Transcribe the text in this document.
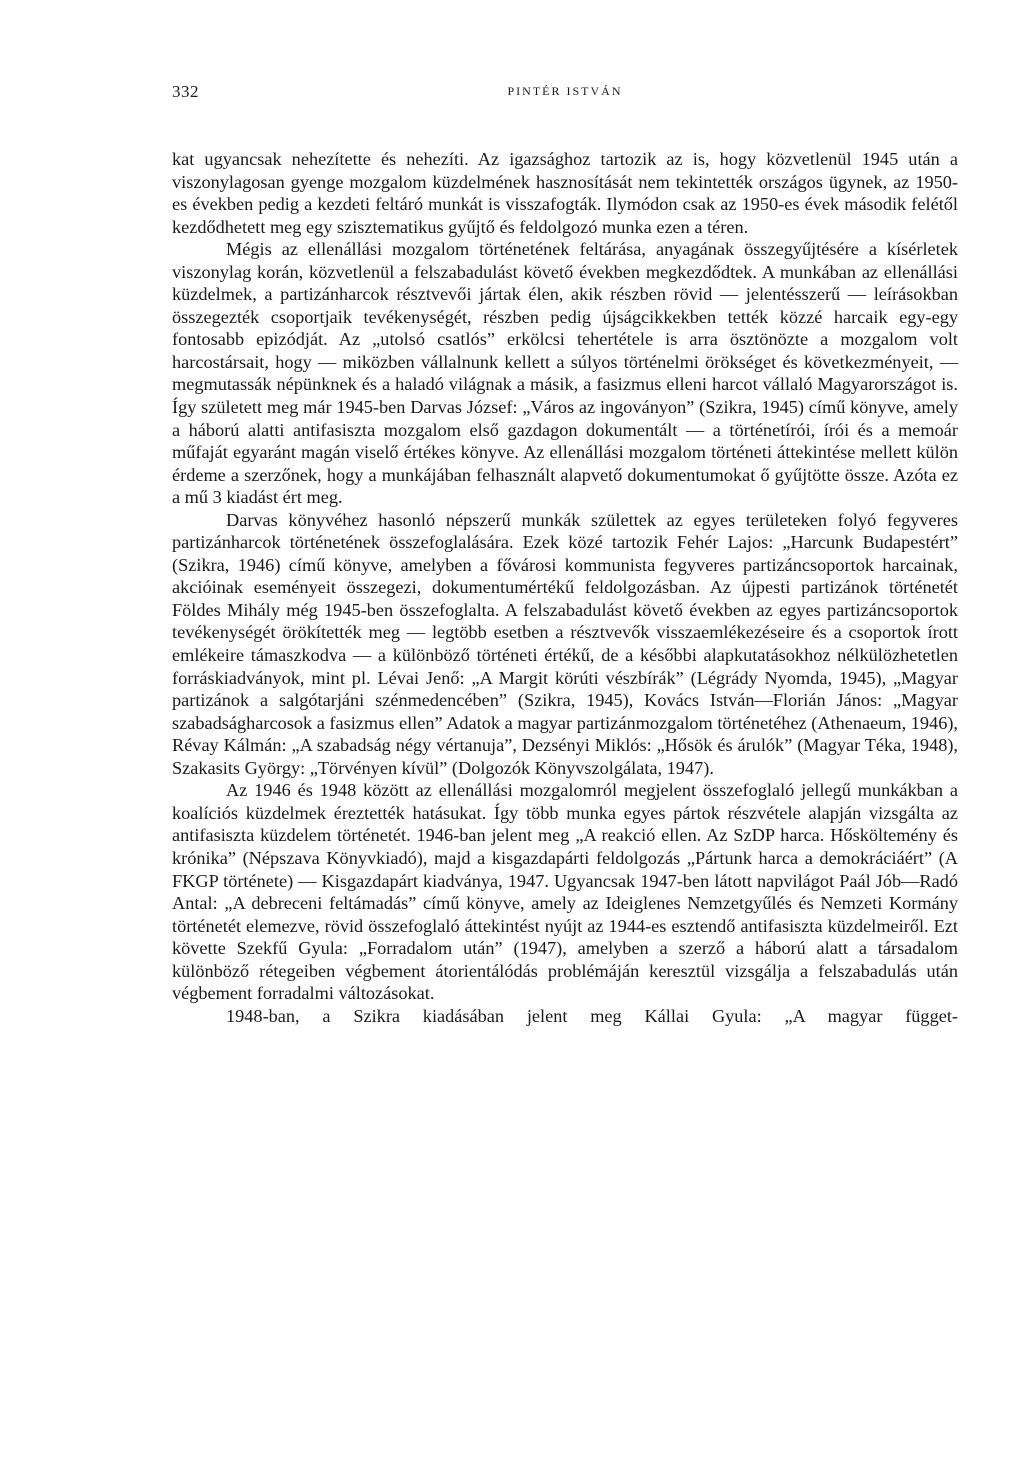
332	PINTÉR ISTVÁN

kat ugyancsak nehezítette és nehezíti. Az igazsághoz tartozik az is, hogy közvetlenül 1945 után a viszonylagosan gyenge mozgalom küzdelmének hasznosítását nem tekintették országos ügynek, az 1950-es években pedig a kezdeti feltáró munkát is visszafogták. Ilymódon csak az 1950-es évek második felétől kezdődhetett meg egy szisztematikus gyűjtő és feldolgozó munka ezen a téren.

Mégis az ellenállási mozgalom történetének feltárása, anyagának összegyűjtésére a kísérletek viszonylag korán, közvetlenül a felszabadulást követő években megkezdődtek. A munkában az ellenállási küzdelmek, a partizánharcok résztvevői jártak élen, akik részben rövid — jelentésszerű — leírásokban összegezték csoportjaik tevékenységét, részben pedig újságcikkekben tették közzé harcaik egy-egy fontosabb epizódját. Az „utolsó csatlós” erkölcsi tehertétele is arra ösztönözte a mozgalom volt harcostársait, hogy — miközben vállalnunk kellett a súlyos történelmi örökséget és következményeit, — megmutassák népünknek és a haladó világnak a másik, a fasizmus elleni harcot vállaló Magyarországot is. Így született meg már 1945-ben Darvas József: „Város az ingoványon” (Szikra, 1945) című könyve, amely a háború alatti antifasiszta mozgalom első gazdagon dokumentált — a történetírói, írói és a memoár műfaját egyaránt magán viselő értékes könyve. Az ellenállási mozgalom történeti áttekintése mellett külön érdeme a szerzőnek, hogy a munkájában felhasznált alapvető dokumentumokat ő gyűjtötte össze. Azóta ez a mű 3 kiadást ért meg.

Darvas könyvéhez hasonló népszerű munkák születtek az egyes területeken folyó fegyveres partizánharcok történetének összefoglalására. Ezek közé tartozik Fehér Lajos: „Harcunk Budapestért” (Szikra, 1946) című könyve, amelyben a fővárosi kommunista fegyveres partizáncsoportok harcainak, akcióinak eseményeit összegezi, dokumentumértékű feldolgozásban. Az újpesti partizánok történetét Földes Mihály még 1945-ben összefoglalta. A felszabadulást követő években az egyes partizáncsoportok tevékenységét örökítették meg — legtöbb esetben a résztvevők visszaemlékezéseire és a csoportok írott emlékeire támaszkodva — a különböző történeti értékű, de a későbbi alapkutatásokhoz nélkülözhetetlen forráskiadványok, mint pl. Lévai Jenő: „A Margit körúti vészbírák” (Légrády Nyomda, 1945), „Magyar partizánok a salgótarjáni szénmedencében” (Szikra, 1945), Kovács István—Florián János: „Magyar szabadságharcosok a fasizmus ellen” Adatok a magyar partizánmozgalom történetéhez (Athenaeum, 1946), Révay Kálmán: „A szabadság négy vértanuja”, Dezsényi Miklós: „Hősök és árulók” (Magyar Téka, 1948), Szakasits György: „Törvényen kívül” (Dolgozók Könyvszolgálata, 1947).

Az 1946 és 1948 között az ellenállási mozgalomról megjelent összefoglaló jellegű munkákban a koalíciós küzdelmek éreztették hatásukat. Így több munka egyes pártok részvétele alapján vizsgálta az antifasiszta küzdelem történetét. 1946-ban jelent meg „A reakció ellen. Az SzDP harca. Hősköltemény és krónika” (Népszava Könyvkiadó), majd a kisgazdapárti feldolgozás „Pártunk harca a demokráciáért” (A FKGP története) — Kisgazdapárt kiadványa, 1947. Ugyancsak 1947-ben látott napvilágot Paál Jób—Radó Antal: „A debreceni feltámadás” című könyve, amely az Ideiglenes Nemzetgyűlés és Nemzeti Kormány történetét elemezve, rövid összefoglaló áttekintést nyújt az 1944-es esztendő antifasiszta küzdelmeiről. Ezt követte Szekfű Gyula: „Forradalom után” (1947), amelyben a szerző a háború alatt a társadalom különböző rétegeiben végbement átorientálódás problémáján keresztül vizsgálja a felszabadulás után végbement forradalmi változásokat.

1948-ban, a Szikra kiadásában jelent meg Kállai Gyula: „A magyar függet-
